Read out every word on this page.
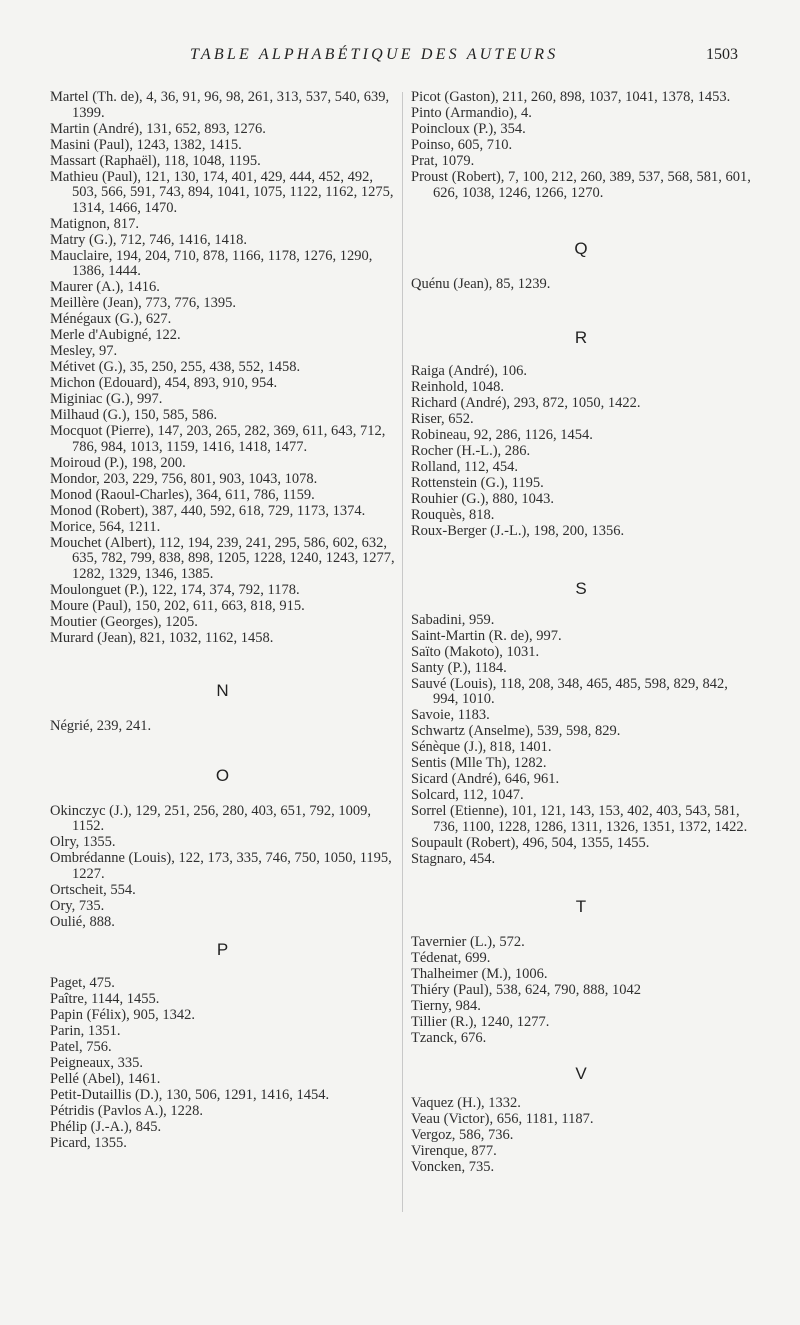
TABLE ALPHABÉTIQUE DES AUTEURS	1503
Martel (Th. de), 4, 36, 91, 96, 98, 261, 313, 537, 540, 639, 1399.
Martin (André), 131, 652, 893, 1276.
Masini (Paul), 1243, 1382, 1415.
Massart (Raphaël), 118, 1048, 1195.
Mathieu (Paul), 121, 130, 174, 401, 429, 444, 452, 492, 503, 566, 591, 743, 894, 1041, 1075, 1122, 1162, 1275, 1314, 1466, 1470.
Matignon, 817.
Matry (G.), 712, 746, 1416, 1418.
Mauclaire, 194, 204, 710, 878, 1166, 1178, 1276, 1290, 1386, 1444.
Maurer (A.), 1416.
Meillère (Jean), 773, 776, 1395.
Ménégaux (G.), 627.
Merle d'Aubigné, 122.
Mesley, 97.
Métivet (G.), 35, 250, 255, 438, 552, 1458.
Michon (Edouard), 454, 893, 910, 954.
Miginiac (G.), 997.
Milhaud (G.), 150, 585, 586.
Mocquot (Pierre), 147, 203, 265, 282, 369, 611, 643, 712, 786, 984, 1013, 1159, 1416, 1418, 1477.
Moiroud (P.), 198, 200.
Mondor, 203, 229, 756, 801, 903, 1043, 1078.
Monod (Raoul-Charles), 364, 611, 786, 1159.
Monod (Robert), 387, 440, 592, 618, 729, 1173, 1374.
Morice, 564, 1211.
Mouchet (Albert), 112, 194, 239, 241, 295, 586, 602, 632, 635, 782, 799, 838, 898, 1205, 1228, 1240, 1243, 1277, 1282, 1329, 1346, 1385.
Moulonguet (P.), 122, 174, 374, 792, 1178.
Moure (Paul), 150, 202, 611, 663, 818, 915.
Moutier (Georges), 1205.
Murard (Jean), 821, 1032, 1162, 1458.
N
Négrié, 239, 241.
O
Okinczyc (J.), 129, 251, 256, 280, 403, 651, 792, 1009, 1152.
Olry, 1355.
Ombrédanne (Louis), 122, 173, 335, 746, 750, 1050, 1195, 1227.
Ortscheit, 554.
Ory, 735.
Oulié, 888.
P
Paget, 475.
Paître, 1144, 1455.
Papin (Félix), 905, 1342.
Parin, 1351.
Patel, 756.
Peigneaux, 335.
Pellé (Abel), 1461.
Petit-Dutaillis (D.), 130, 506, 1291, 1416, 1454.
Pétridis (Pavlos A.), 1228.
Phélip (J.-A.), 845.
Picard, 1355.
Picot (Gaston), 211, 260, 898, 1037, 1041, 1378, 1453.
Pinto (Armandio), 4.
Poincloux (P.), 354.
Poinso, 605, 710.
Prat, 1079.
Proust (Robert), 7, 100, 212, 260, 389, 537, 568, 581, 601, 626, 1038, 1246, 1266, 1270.
Q
Quénu (Jean), 85, 1239.
R
Raiga (André), 106.
Reinhold, 1048.
Richard (André), 293, 872, 1050, 1422.
Riser, 652.
Robineau, 92, 286, 1126, 1454.
Rocher (H.-L.), 286.
Rolland, 112, 454.
Rottenstein (G.), 1195.
Rouhier (G.), 880, 1043.
Rouquès, 818.
Roux-Berger (J.-L.), 198, 200, 1356.
S
Sabadini, 959.
Saint-Martin (R. de), 997.
Saïto (Makoto), 1031.
Santy (P.), 1184.
Sauvé (Louis), 118, 208, 348, 465, 485, 598, 829, 842, 994, 1010.
Savoie, 1183.
Schwartz (Anselme), 539, 598, 829.
Sénèque (J.), 818, 1401.
Sentis (Mlle Th), 1282.
Sicard (André), 646, 961.
Solcard, 112, 1047.
Sorrel (Etienne), 101, 121, 143, 153, 402, 403, 543, 581, 736, 1100, 1228, 1286, 1311, 1326, 1351, 1372, 1422.
Soupault (Robert), 496, 504, 1355, 1455.
Stagnaro, 454.
T
Tavernier (L.), 572.
Tédenat, 699.
Thalheimer (M.), 1006.
Thiéry (Paul), 538, 624, 790, 888, 1042
Tierny, 984.
Tillier (R.), 1240, 1277.
Tzanck, 676.
V
Vaquez (H.), 1332.
Veau (Victor), 656, 1181, 1187.
Vergoz, 586, 736.
Virenque, 877.
Voncken, 735.
